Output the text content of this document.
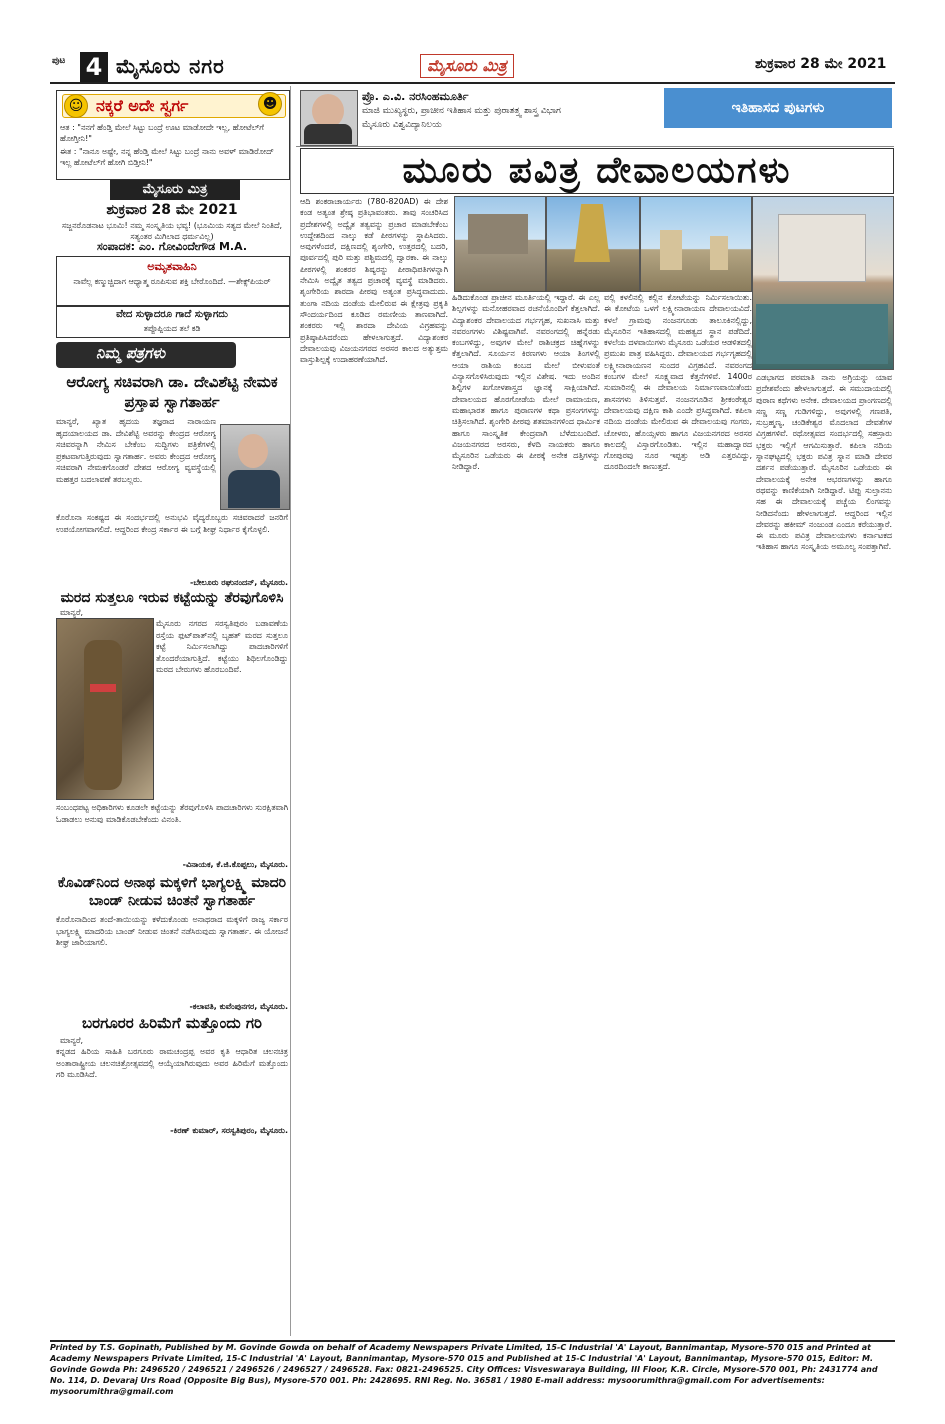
ಪುಟ 4 ಮೈಸೂರು ನಗರ	ಮೈಸೂರು ಮಿತ್ರ	ಶುಕ್ರವಾರ 28 ಮೇ 2021
☺ ನಕ್ಕರೆ ಅದೇ ಸ್ವರ್ಗ	☻
ಆತ : "ನನಗೆ ಹೆಂಡ್ತಿ ಮೇಲೆ ಸಿಟ್ಟು ಬಂದ್ರೆ ಊಟ ಮಾಡೋದೇ ಇಲ್ಲ, ಹೋಟೆಲ್‌ಗೆ ಹೋಗ್ತೀನಿ!"
ಈತ : "ನಾನೂ ಅಷ್ಟೇ, ನನ್ನ ಹೆಂಡ್ತಿ ಮೇಲೆ ಸಿಟ್ಟು ಬಂದ್ರೆ ನಾನು ಅವಳ್ ಮಾಡಿರೋದ್ ಇಲ್ಲ ಹೋಟೆಲ್‌ಗೆ ಹೋಗಿ ಬಿಡ್ತೀನಿ!"
ಮೈಸೂರು ಮಿತ್ರ
ಶುಕ್ರವಾರ 28 ಮೇ 2021
ಸಜ್ಜನರೊಡನಾಟ ಭೂಮಿ! ನಮ್ಮ ಸಂಸ್ಕೃತಿಯ ಭವ್ಯ! (ಭೂಮಿಯ ಸತ್ಯದ ಮೇಲೆ ನಿಂತಿದೆ, ಸತ್ಯಂತರ ಮಿಗಿಲಾದ ಧರ್ಮವಿಲ್ಲ)
ಸಂಪಾದಕ: ಎಂ. ಗೋವಿಂದೇಗೌಡ M.A.
ಅಮೃತವಾಹಿನಿ
ನಾವೆಲ್ಲ ಕಣ್ಮುಚ್ಚಿದಾಗ ಆಧ್ಯಾತ್ಮ ರೂಪಿಸುವ ಶಕ್ತಿ ಬೇರೊಂದಿದೆ. —ಶೇಕ್ಸ್‌ಪಿಯರ್
ವೇದ ಸುಳ್ಳಾದರೂ ಗಾದೆ ಸುಳ್ಳಾಗದು
ತಪ್ಪೊಪ್ಪಿಯದ ತಲೆ ಕಡಿ
ನಿಮ್ಮ ಪತ್ರಗಳು
ಆರೋಗ್ಯ ಸಚಿವರಾಗಿ ಡಾ. ದೇವಿಶೆಟ್ಟಿ ನೇಮಕ ಪ್ರಸ್ತಾಪ ಸ್ವಾಗತಾರ್ಹ
ಮಾನ್ಯರೆ, ಖ್ಯಾತ ಹೃದಯ ತಜ್ಞರಾದ ನಾರಾಯಣ ಹೃದಯಾಲಯದ ಡಾ. ದೇವಿಶೆಟ್ಟಿ ಅವರನ್ನು ಕೇಂದ್ರದ ಆರೋಗ್ಯ ಸಚಿವರನ್ನಾಗಿ ನೇಮಿಸ ಬೇಕೆಂಬ ಸುದ್ದಿಗಳು ಪತ್ರಿಕೆಗಳಲ್ಲಿ ಪ್ರಕಟವಾಗುತ್ತಿರುವುದು ಸ್ವಾಗತಾರ್ಹ. ಅವರು ಕೇಂದ್ರದ ಆರೋಗ್ಯ ಸಚಿವರಾಗಿ ನೇಮಕಗೊಂಡರೆ ದೇಶದ ಆರೋಗ್ಯ ವ್ಯವಸ್ಥೆಯಲ್ಲಿ ಮಹತ್ತರ ಬದಲಾವಣೆ ತರಬಲ್ಲರು.
ಕೊರೊನಾ ಸಂಕಷ್ಟದ ಈ ಸಂದರ್ಭದಲ್ಲಿ ಅನುಭವಿ ವೈದ್ಯರೊಬ್ಬರು ಸಚಿವರಾದರೆ ಜನರಿಗೆ ಉಪಯೋಗವಾಗಲಿದೆ. ಆದ್ದರಿಂದ ಕೇಂದ್ರ ಸರ್ಕಾರ ಈ ಬಗ್ಗೆ ಶೀಘ್ರ ನಿರ್ಧಾರ ಕೈಗೊಳ್ಳಲಿ.
-ಬೇಲೂರು ರಘುನಂದನ್, ಮೈಸೂರು.
ಮರದ ಸುತ್ತಲೂ ಇರುವ ಕಟ್ಟೆಯನ್ನು ತೆರವುಗೊಳಿಸಿ
ಮಾನ್ಯರೆ,
ಮೈಸೂರು ನಗರದ ಸರಸ್ವತಿಪುರಂ ಬಡಾವಣೆಯ ರಸ್ತೆಯ ಫುಟ್‌ಪಾತ್‌ನಲ್ಲಿ ಬೃಹತ್ ಮರದ ಸುತ್ತಲೂ ಕಟ್ಟೆ ನಿರ್ಮಿಸಲಾಗಿದ್ದು ಪಾದಚಾರಿಗಳಿಗೆ ತೊಂದರೆಯಾಗುತ್ತಿದೆ. ಕಟ್ಟೆಯು ಶಿಥಿಲಗೊಂಡಿದ್ದು ಮರದ ಬೇರುಗಳು ಹೊರಬಂದಿವೆ.
ಸಂಬಂಧಪಟ್ಟ ಅಧಿಕಾರಿಗಳು ಕೂಡಲೇ ಕಟ್ಟೆಯನ್ನು ತೆರವುಗೊಳಿಸಿ ಪಾದಚಾರಿಗಳು ಸುರಕ್ಷಿತವಾಗಿ ಓಡಾಡಲು ಅನುವು ಮಾಡಿಕೊಡಬೇಕೆಂದು ವಿನಂತಿ.
-ವಿನಾಯಕ, ಕೆ.ಜಿ.ಕೊಪ್ಪಲು, ಮೈಸೂರು.
ಕೊವಿಡ್‌ನಿಂದ ಅನಾಥ ಮಕ್ಕಳಿಗೆ ಭಾಗ್ಯಲಕ್ಷ್ಮಿ ಮಾದರಿ ಬಾಂಡ್ ನೀಡುವ ಚಿಂತನೆ ಸ್ವಾಗತಾರ್ಹ
ಕೊರೊನಾದಿಂದ ತಂದೆ-ತಾಯಿಯನ್ನು ಕಳೆದುಕೊಂಡು ಅನಾಥರಾದ ಮಕ್ಕಳಿಗೆ ರಾಜ್ಯ ಸರ್ಕಾರ ಭಾಗ್ಯಲಕ್ಷ್ಮಿ ಮಾದರಿಯ ಬಾಂಡ್ ನೀಡುವ ಚಿಂತನೆ ನಡೆಸಿರುವುದು ಸ್ವಾಗತಾರ್ಹ. ಈ ಯೋಜನೆ ಶೀಘ್ರ ಜಾರಿಯಾಗಲಿ.
-ಕಲಾವತಿ, ಕುವೆಂಪುನಗರ, ಮೈಸೂರು.
ಬರಗೂರರ ಹಿರಿಮೆಗೆ ಮತ್ತೊಂದು ಗರಿ
ಮಾನ್ಯರೆ,
ಕನ್ನಡದ ಹಿರಿಯ ಸಾಹಿತಿ ಬರಗೂರು ರಾಮಚಂದ್ರಪ್ಪ ಅವರ ಕೃತಿ ಆಧಾರಿತ ಚಲನಚಿತ್ರ ಅಂತಾರಾಷ್ಟ್ರೀಯ ಚಲನಚಿತ್ರೋತ್ಸವದಲ್ಲಿ ಆಯ್ಕೆಯಾಗಿರುವುದು ಅವರ ಹಿರಿಮೆಗೆ ಮತ್ತೊಂದು ಗರಿ ಮೂಡಿಸಿದೆ.
-ಕಿರಣ್ ಕುಮಾರ್, ಸರಸ್ವತಿಪುರಂ, ಮೈಸೂರು.
ಪ್ರೊ. ಎ.ವಿ. ನರಸಿಂಹಮೂರ್ತಿ
ಮಾಜಿ ಮುಖ್ಯಸ್ಥರು, ಪ್ರಾಚೀನ ಇತಿಹಾಸ ಮತ್ತು ಪುರಾತತ್ತ್ವ ಶಾಸ್ತ್ರ ವಿಭಾಗ
ಮೈಸೂರು ವಿಶ್ವವಿದ್ಯಾನಿಲಯ
ಇತಿಹಾಸದ ಪುಟಗಳು
ಮೂರು ಪವಿತ್ರ ದೇವಾಲಯಗಳು
ಆದಿ ಶಂಕರಾಚಾರ್ಯರು (780-820AD) ಈ ದೇಶ ಕಂಡ ಅತ್ಯಂತ ಶ್ರೇಷ್ಠ ಪ್ರತಿಭಾವಂತರು. ತಾವು ಸಂಚರಿಸಿದ ಪ್ರದೇಶಗಳಲ್ಲಿ ಅದ್ವೈತ ತತ್ವವನ್ನು ಪ್ರಚಾರ ಮಾಡಬೇಕೆಂಬ ಉದ್ದೇಶದಿಂದ ನಾಲ್ಕು ಕಡೆ ಪೀಠಗಳನ್ನು ಸ್ಥಾಪಿಸಿದರು. ಅವುಗಳೆಂದರೆ, ದಕ್ಷಿಣದಲ್ಲಿ ಶೃಂಗೇರಿ, ಉತ್ತರದಲ್ಲಿ ಬದರಿ, ಪೂರ್ವದಲ್ಲಿ ಪುರಿ ಮತ್ತು ಪಶ್ಚಿಮದಲ್ಲಿ ದ್ವಾರಕಾ. ಈ ನಾಲ್ಕು ಪೀಠಗಳಲ್ಲಿ ಶಂಕರರ ಶಿಷ್ಯರನ್ನು ಪೀಠಾಧಿಪತಿಗಳನ್ನಾಗಿ ನೇಮಿಸಿ ಅದ್ವೈತ ತತ್ವದ ಪ್ರಚಾರಕ್ಕೆ ವ್ಯವಸ್ಥೆ ಮಾಡಿದರು. ಶೃಂಗೇರಿಯ ಶಾರದಾ ಪೀಠವು ಅತ್ಯಂತ ಪ್ರಸಿದ್ಧವಾದುದು. ತುಂಗಾ ನದಿಯ ದಂಡೆಯ ಮೇಲಿರುವ ಈ ಕ್ಷೇತ್ರವು ಪ್ರಕೃತಿ ಸೌಂದರ್ಯದಿಂದ ಕೂಡಿದ ರಮಣೀಯ ತಾಣವಾಗಿದೆ. ಶಂಕರರು ಇಲ್ಲಿ ಶಾರದಾ ದೇವಿಯ ವಿಗ್ರಹವನ್ನು ಪ್ರತಿಷ್ಠಾಪಿಸಿದರೆಂದು ಹೇಳಲಾಗುತ್ತದೆ. ವಿದ್ಯಾಶಂಕರ ದೇವಾಲಯವು ವಿಜಯನಗರದ ಅರಸರ ಕಾಲದ ಅತ್ಯುತ್ತಮ ವಾಸ್ತುಶಿಲ್ಪಕ್ಕೆ ಉದಾಹರಣೆಯಾಗಿದೆ.
ಹಿಡಿದುಕೊಂಡ ಪ್ರಾಚೀನ ಮೂರ್ತಿಯಲ್ಲಿ ಇದ್ದಾರೆ. ಈ ಎಲ್ಲ ಶಿಲ್ಪಗಳನ್ನು ಮನೋಹರವಾದ ರಚನೆಯೊಂದಿಗೆ ಕೆತ್ತಲಾಗಿದೆ. ವಿದ್ಯಾಶಂಕರ ದೇವಾಲಯದ ಗರ್ಭಗೃಹ, ಸುಖನಾಸಿ ಮತ್ತು ನವರಂಗಗಳು ವಿಶಿಷ್ಟವಾಗಿವೆ. ನವರಂಗದಲ್ಲಿ ಹನ್ನೆರಡು ಕಂಬಗಳಿದ್ದು, ಅವುಗಳ ಮೇಲೆ ರಾಶಿಚಕ್ರದ ಚಿಹ್ನೆಗಳನ್ನು ಕೆತ್ತಲಾಗಿದೆ. ಸೂರ್ಯನ ಕಿರಣಗಳು ಆಯಾ ತಿಂಗಳಲ್ಲಿ ಆಯಾ ರಾಶಿಯ ಕಂಬದ ಮೇಲೆ ಬೀಳುವಂತೆ ವಿನ್ಯಾಸಗೊಳಿಸಿರುವುದು ಇಲ್ಲಿನ ವಿಶೇಷ. ಇದು ಅಂದಿನ ಶಿಲ್ಪಿಗಳ ಖಗೋಳಶಾಸ್ತ್ರದ ಜ್ಞಾನಕ್ಕೆ ಸಾಕ್ಷಿಯಾಗಿದೆ. ದೇವಾಲಯದ ಹೊರಗೋಡೆಯ ಮೇಲೆ ರಾಮಾಯಣ, ಮಹಾಭಾರತ ಹಾಗೂ ಪುರಾಣಗಳ ಕಥಾ ಪ್ರಸಂಗಗಳನ್ನು ಚಿತ್ರಿಸಲಾಗಿದೆ. ಶೃಂಗೇರಿ ಪೀಠವು ಶತಮಾನಗಳಿಂದ ಧಾರ್ಮಿಕ ಹಾಗೂ ಸಾಂಸ್ಕೃತಿಕ ಕೇಂದ್ರವಾಗಿ ಬೆಳೆದುಬಂದಿದೆ. ವಿಜಯನಗರದ ಅರಸರು, ಕೆಳದಿ ನಾಯಕರು ಹಾಗೂ ಮೈಸೂರಿನ ಒಡೆಯರು ಈ ಪೀಠಕ್ಕೆ ಅನೇಕ ದತ್ತಿಗಳನ್ನು ನೀಡಿದ್ದಾರೆ.
ವಲ್ಲಿ ಕಳಲಿನಲ್ಲಿ ಕಲ್ಲಿನ ಕೋಟೆಯನ್ನು ನಿರ್ಮಿಸಲಾಯಿತು. ಈ ಕೋಟೆಯ ಒಳಗೆ ಲಕ್ಷ್ಮೀನಾರಾಯಣ ದೇವಾಲಯವಿದೆ. ಕಳಲೆ ಗ್ರಾಮವು ನಂಜನಗೂಡು ತಾಲೂಕಿನಲ್ಲಿದ್ದು, ಮೈಸೂರಿನ ಇತಿಹಾಸದಲ್ಲಿ ಮಹತ್ವದ ಸ್ಥಾನ ಪಡೆದಿದೆ. ಕಳಲೆಯ ದಳವಾಯಿಗಳು ಮೈಸೂರು ಒಡೆಯರ ಆಡಳಿತದಲ್ಲಿ ಪ್ರಮುಖ ಪಾತ್ರ ವಹಿಸಿದ್ದರು. ದೇವಾಲಯದ ಗರ್ಭಗೃಹದಲ್ಲಿ ಲಕ್ಷ್ಮೀನಾರಾಯಣನ ಸುಂದರ ವಿಗ್ರಹವಿದೆ. ನವರಂಗದ ಕಂಬಗಳ ಮೇಲೆ ಸೂಕ್ಷ್ಮವಾದ ಕೆತ್ತನೆಗಳಿವೆ. 1400ರ ಸುಮಾರಿನಲ್ಲಿ ಈ ದೇವಾಲಯ ನಿರ್ಮಾಣವಾಯಿತೆಂದು ಶಾಸನಗಳು ತಿಳಿಸುತ್ತವೆ. ನಂಜನಗೂಡಿನ ಶ್ರೀಕಂಠೇಶ್ವರ ದೇವಾಲಯವು ದಕ್ಷಿಣ ಕಾಶಿ ಎಂದೇ ಪ್ರಸಿದ್ಧವಾಗಿದೆ. ಕಪಿಲಾ ನದಿಯ ದಂಡೆಯ ಮೇಲಿರುವ ಈ ದೇವಾಲಯವು ಗಂಗರು, ಚೋಳರು, ಹೊಯ್ಸಳರು ಹಾಗೂ ವಿಜಯನಗರದ ಅರಸರ ಕಾಲದಲ್ಲಿ ವಿಸ್ತಾರಗೊಂಡಿತು. ಇಲ್ಲಿನ ಮಹಾದ್ವಾರದ ಗೋಪುರವು ನೂರ ಇಪ್ಪತ್ತು ಅಡಿ ಎತ್ತರವಿದ್ದು, ದೂರದಿಂದಲೇ ಕಾಣುತ್ತದೆ.
ಎಡಭಾಗದ ಪರಮಾತಿ ನಾನು ಅಗ್ರಿಯನ್ನು ಯಾವ ಪ್ರದೇಶವೆಂದು ಹೇಳಲಾಗುತ್ತದೆ. ಈ ಸಮುದಾಯದಲ್ಲಿ ಪುರಾಣ ಕಥೆಗಳು ಅನೇಕ. ದೇವಾಲಯದ ಪ್ರಾಂಗಣದಲ್ಲಿ ಸಣ್ಣ ಸಣ್ಣ ಗುಡಿಗಳಿದ್ದು, ಅವುಗಳಲ್ಲಿ ಗಣಪತಿ, ಸುಬ್ರಹ್ಮಣ್ಯ, ಚಂಡಿಕೇಶ್ವರ ಮೊದಲಾದ ದೇವತೆಗಳ ವಿಗ್ರಹಗಳಿವೆ. ರಥೋತ್ಸವದ ಸಂದರ್ಭದಲ್ಲಿ ಸಹಸ್ರಾರು ಭಕ್ತರು ಇಲ್ಲಿಗೆ ಆಗಮಿಸುತ್ತಾರೆ. ಕಪಿಲಾ ನದಿಯ ಸ್ನಾನಘಟ್ಟದಲ್ಲಿ ಭಕ್ತರು ಪವಿತ್ರ ಸ್ನಾನ ಮಾಡಿ ದೇವರ ದರ್ಶನ ಪಡೆಯುತ್ತಾರೆ. ಮೈಸೂರಿನ ಒಡೆಯರು ಈ ದೇವಾಲಯಕ್ಕೆ ಅನೇಕ ಆಭರಣಗಳನ್ನು ಹಾಗೂ ರಥವನ್ನು ಕಾಣಿಕೆಯಾಗಿ ನೀಡಿದ್ದಾರೆ. ಟಿಪ್ಪು ಸುಲ್ತಾನನು ಸಹ ಈ ದೇವಾಲಯಕ್ಕೆ ಪಚ್ಚೆಯ ಲಿಂಗವನ್ನು ನೀಡಿದನೆಂದು ಹೇಳಲಾಗುತ್ತದೆ. ಆದ್ದರಿಂದ ಇಲ್ಲಿನ ದೇವರನ್ನು ಹಕೀಮ್ ನಂಜುಂಡ ಎಂದೂ ಕರೆಯುತ್ತಾರೆ. ಈ ಮೂರು ಪವಿತ್ರ ದೇವಾಲಯಗಳು ಕರ್ನಾಟಕದ ಇತಿಹಾಸ ಹಾಗೂ ಸಂಸ್ಕೃತಿಯ ಅಮೂಲ್ಯ ಸಂಪತ್ತಾಗಿವೆ.
Printed by T.S. Gopinath, Published by M. Govinde Gowda on behalf of Academy Newspapers Private Limited, 15-C Industrial 'A' Layout, Bannimantap, Mysore-570 015 and Printed at Academy Newspapers Private Limited, 15-C Industrial 'A' Layout, Bannimantap, Mysore-570 015 and Published at 15-C Industrial 'A' Layout, Bannimantap, Mysore-570 015, Editor: M. Govinde Gowda Ph: 2496520 / 2496521 / 2496526 / 2496527 / 2496528. Fax: 0821-2496525. City Offices: Visveswaraya Building, III Floor, K.R. Circle, Mysore-570 001, Ph: 2431774 and No. 114, D. Devaraj Urs Road (Opposite Big Bus), Mysore-570 001. Ph: 2428695. RNI Reg. No. 36581 / 1980 E-mail address: mysoorumithra@gmail.com For advertisements: mysoorumithra@gmail.com
